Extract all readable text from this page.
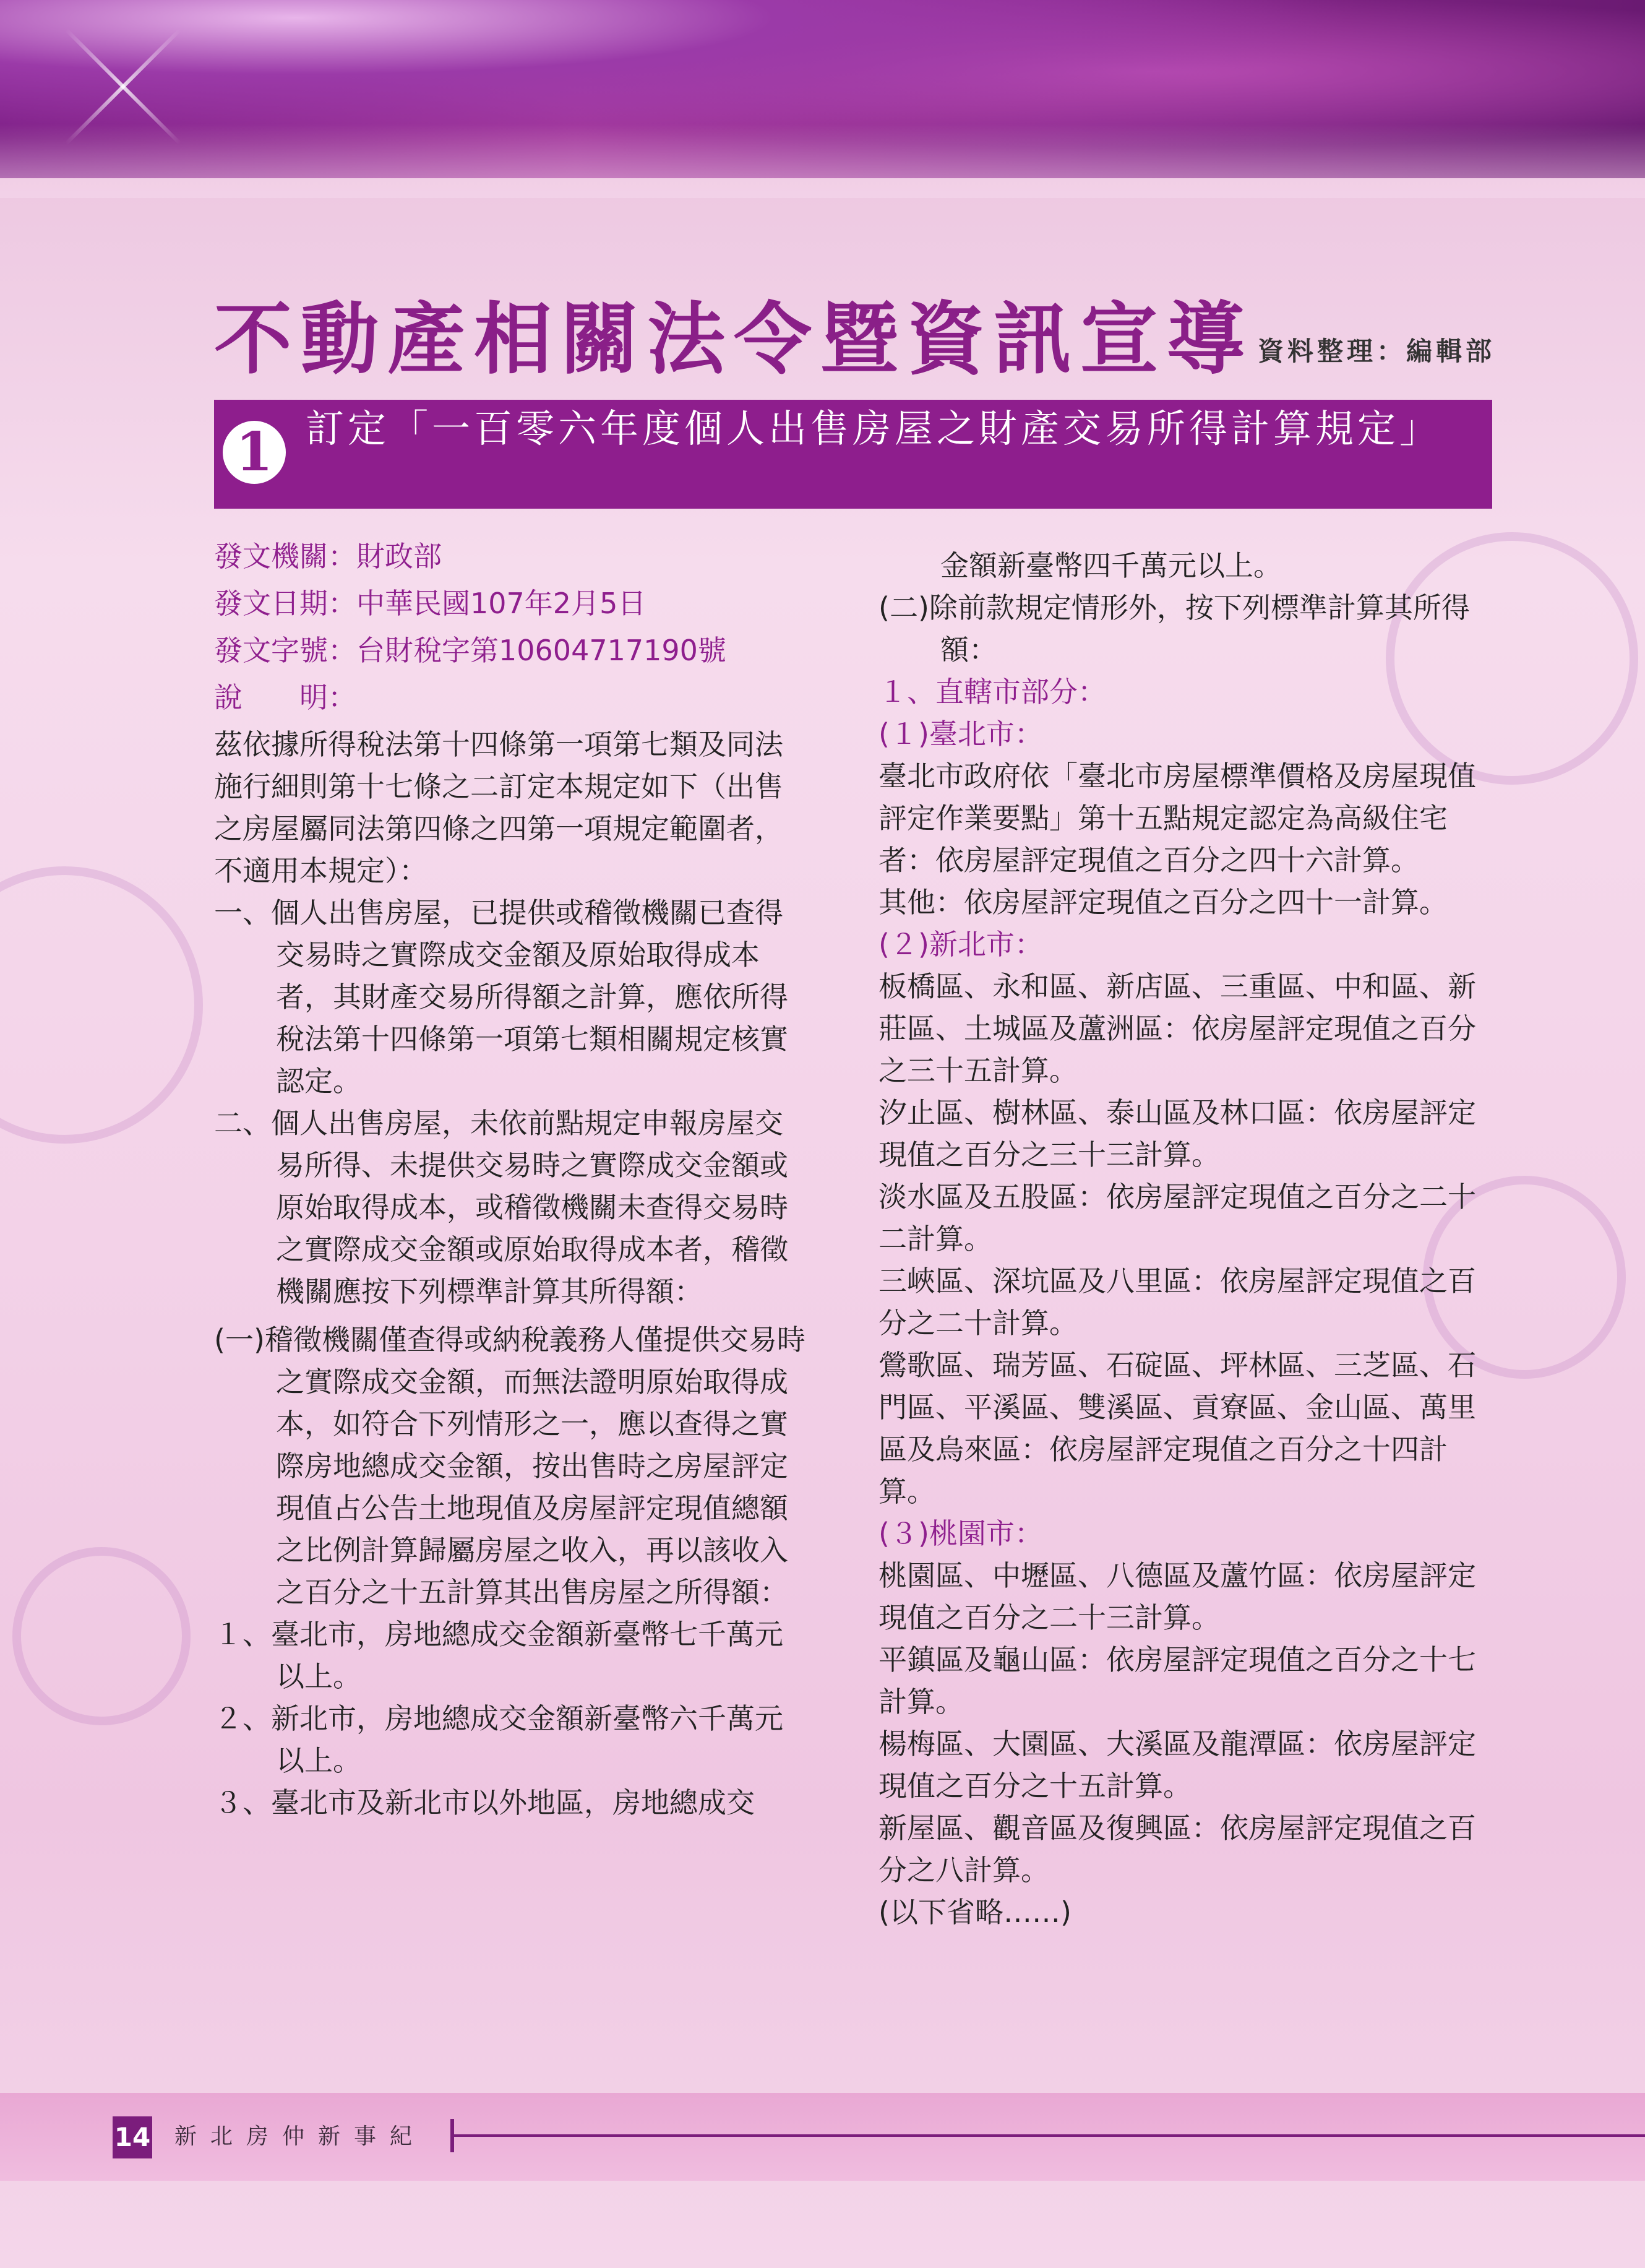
不動產相關法令暨資訊宣導 資料整理：編輯部
1 訂定「一百零六年度個人出售房屋之財產交易所得計算規定」

發文機關：財政部

發文日期：中華民國107年2月5日

發文字號：台財稅字第10604717190號

說　　明：

茲依據所得稅法第十四條第一項第七類及同法施行細則第十七條之二訂定本規定如下（出售之房屋屬同法第四條之四第一項規定範圍者，不適用本規定）：

一、個人出售房屋，已提供或稽徵機關已查得交易時之實際成交金額及原始取得成本者，其財產交易所得額之計算，應依所得稅法第十四條第一項第七類相關規定核實認定。

二、個人出售房屋，未依前點規定申報房屋交易所得、未提供交易時之實際成交金額或原始取得成本，或稽徵機關未查得交易時之實際成交金額或原始取得成本者，稽徵機關應按下列標準計算其所得額：

(一)稽徵機關僅查得或納稅義務人僅提供交易時之實際成交金額，而無法證明原始取得成本，如符合下列情形之一，應以查得之實際房地總成交金額，按出售時之房屋評定現值占公告土地現值及房屋評定現值總額之比例計算歸屬房屋之收入，再以該收入之百分之十五計算其出售房屋之所得額：

１、臺北市，房地總成交金額新臺幣七千萬元以上。

２、新北市，房地總成交金額新臺幣六千萬元以上。

３、臺北市及新北市以外地區，房地總成交

金額新臺幣四千萬元以上。

(二)除前款規定情形外，按下列標準計算其所得額：

１、直轄市部分：

(１)臺北市：

臺北市政府依「臺北市房屋標準價格及房屋現值評定作業要點」第十五點規定認定為高級住宅者：依房屋評定現值之百分之四十六計算。

其他：依房屋評定現值之百分之四十一計算。

(２)新北市：

板橋區、永和區、新店區、三重區、中和區、新莊區、土城區及蘆洲區：依房屋評定現值之百分之三十五計算。

汐止區、樹林區、泰山區及林口區：依房屋評定現值之百分之三十三計算。

淡水區及五股區：依房屋評定現值之百分之二十二計算。

三峽區、深坑區及八里區：依房屋評定現值之百分之二十計算。

鶯歌區、瑞芳區、石碇區、坪林區、三芝區、石門區、平溪區、雙溪區、貢寮區、金山區、萬里區及烏來區：依房屋評定現值之百分之十四計算。

(３)桃園市：

桃園區、中壢區、八德區及蘆竹區：依房屋評定現值之百分之二十三計算。

平鎮區及龜山區：依房屋評定現值之百分之十七計算。

楊梅區、大園區、大溪區及龍潭區：依房屋評定現值之百分之十五計算。

新屋區、觀音區及復興區：依房屋評定現值之百分之八計算。

(以下省略……)

14 新北房仲新事紀
